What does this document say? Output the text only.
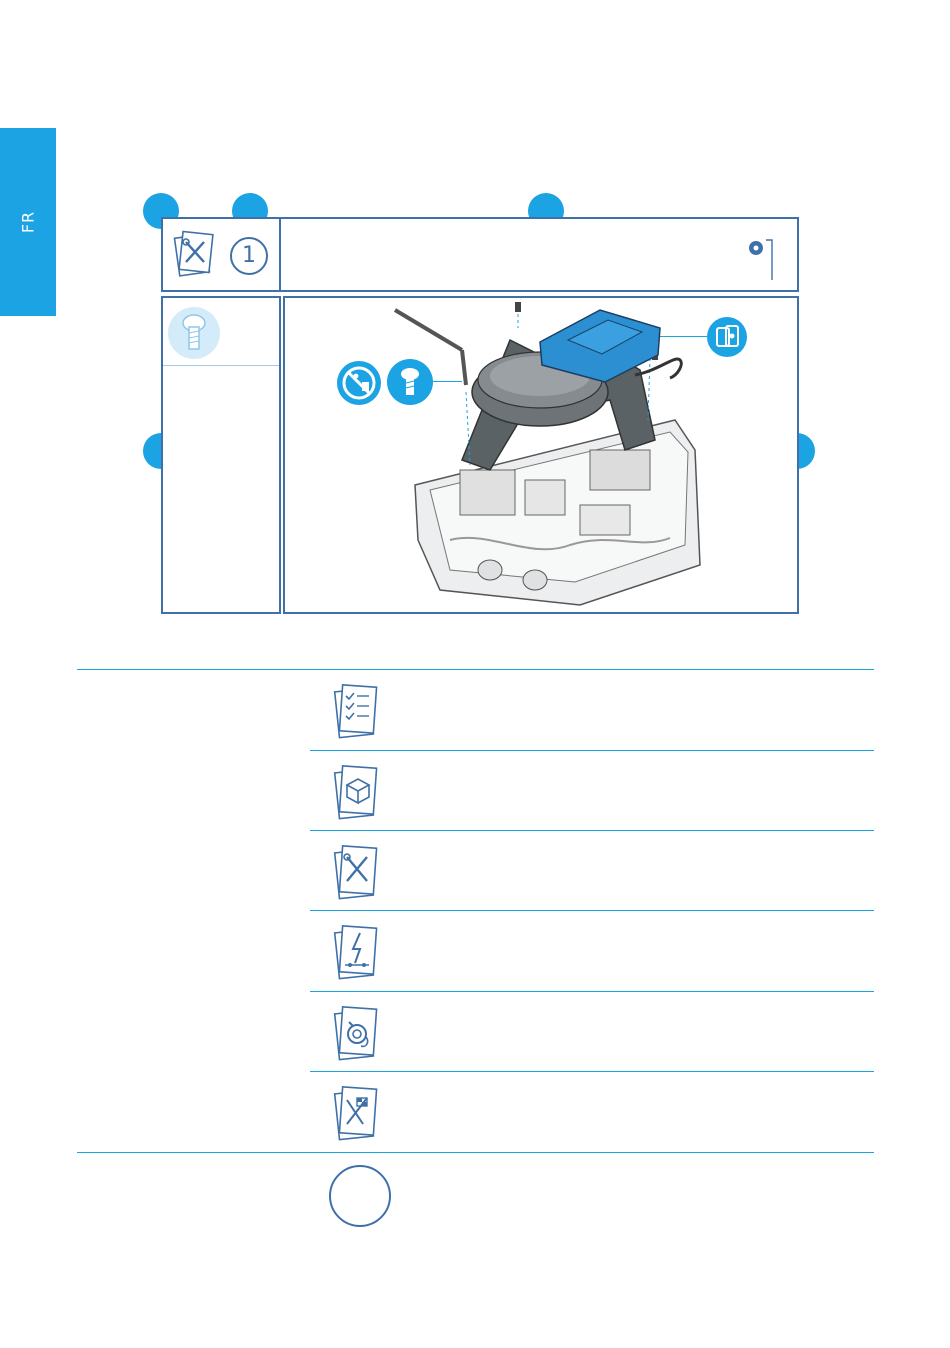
FR
1
